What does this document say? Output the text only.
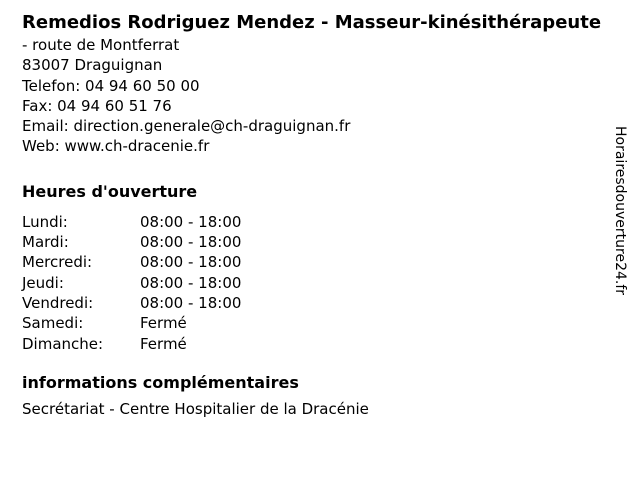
Remedios Rodriguez Mendez - Masseur-kinésithérapeute
- route de Montferrat
83007 Draguignan
Telefon: 04 94 60 50 00
Fax: 04 94 60 51 76
Email: direction.generale@ch-draguignan.fr
Web: www.ch-dracenie.fr
Heures d'ouverture
Lundi:	08:00 - 18:00
Mardi:	08:00 - 18:00
Mercredi:	08:00 - 18:00
Jeudi:	08:00 - 18:00
Vendredi:	08:00 - 18:00
Samedi:	Fermé
Dimanche:	Fermé
informations complémentaires
Secrétariat - Centre Hospitalier de la Dracénie
Horairesdouverture24.fr
